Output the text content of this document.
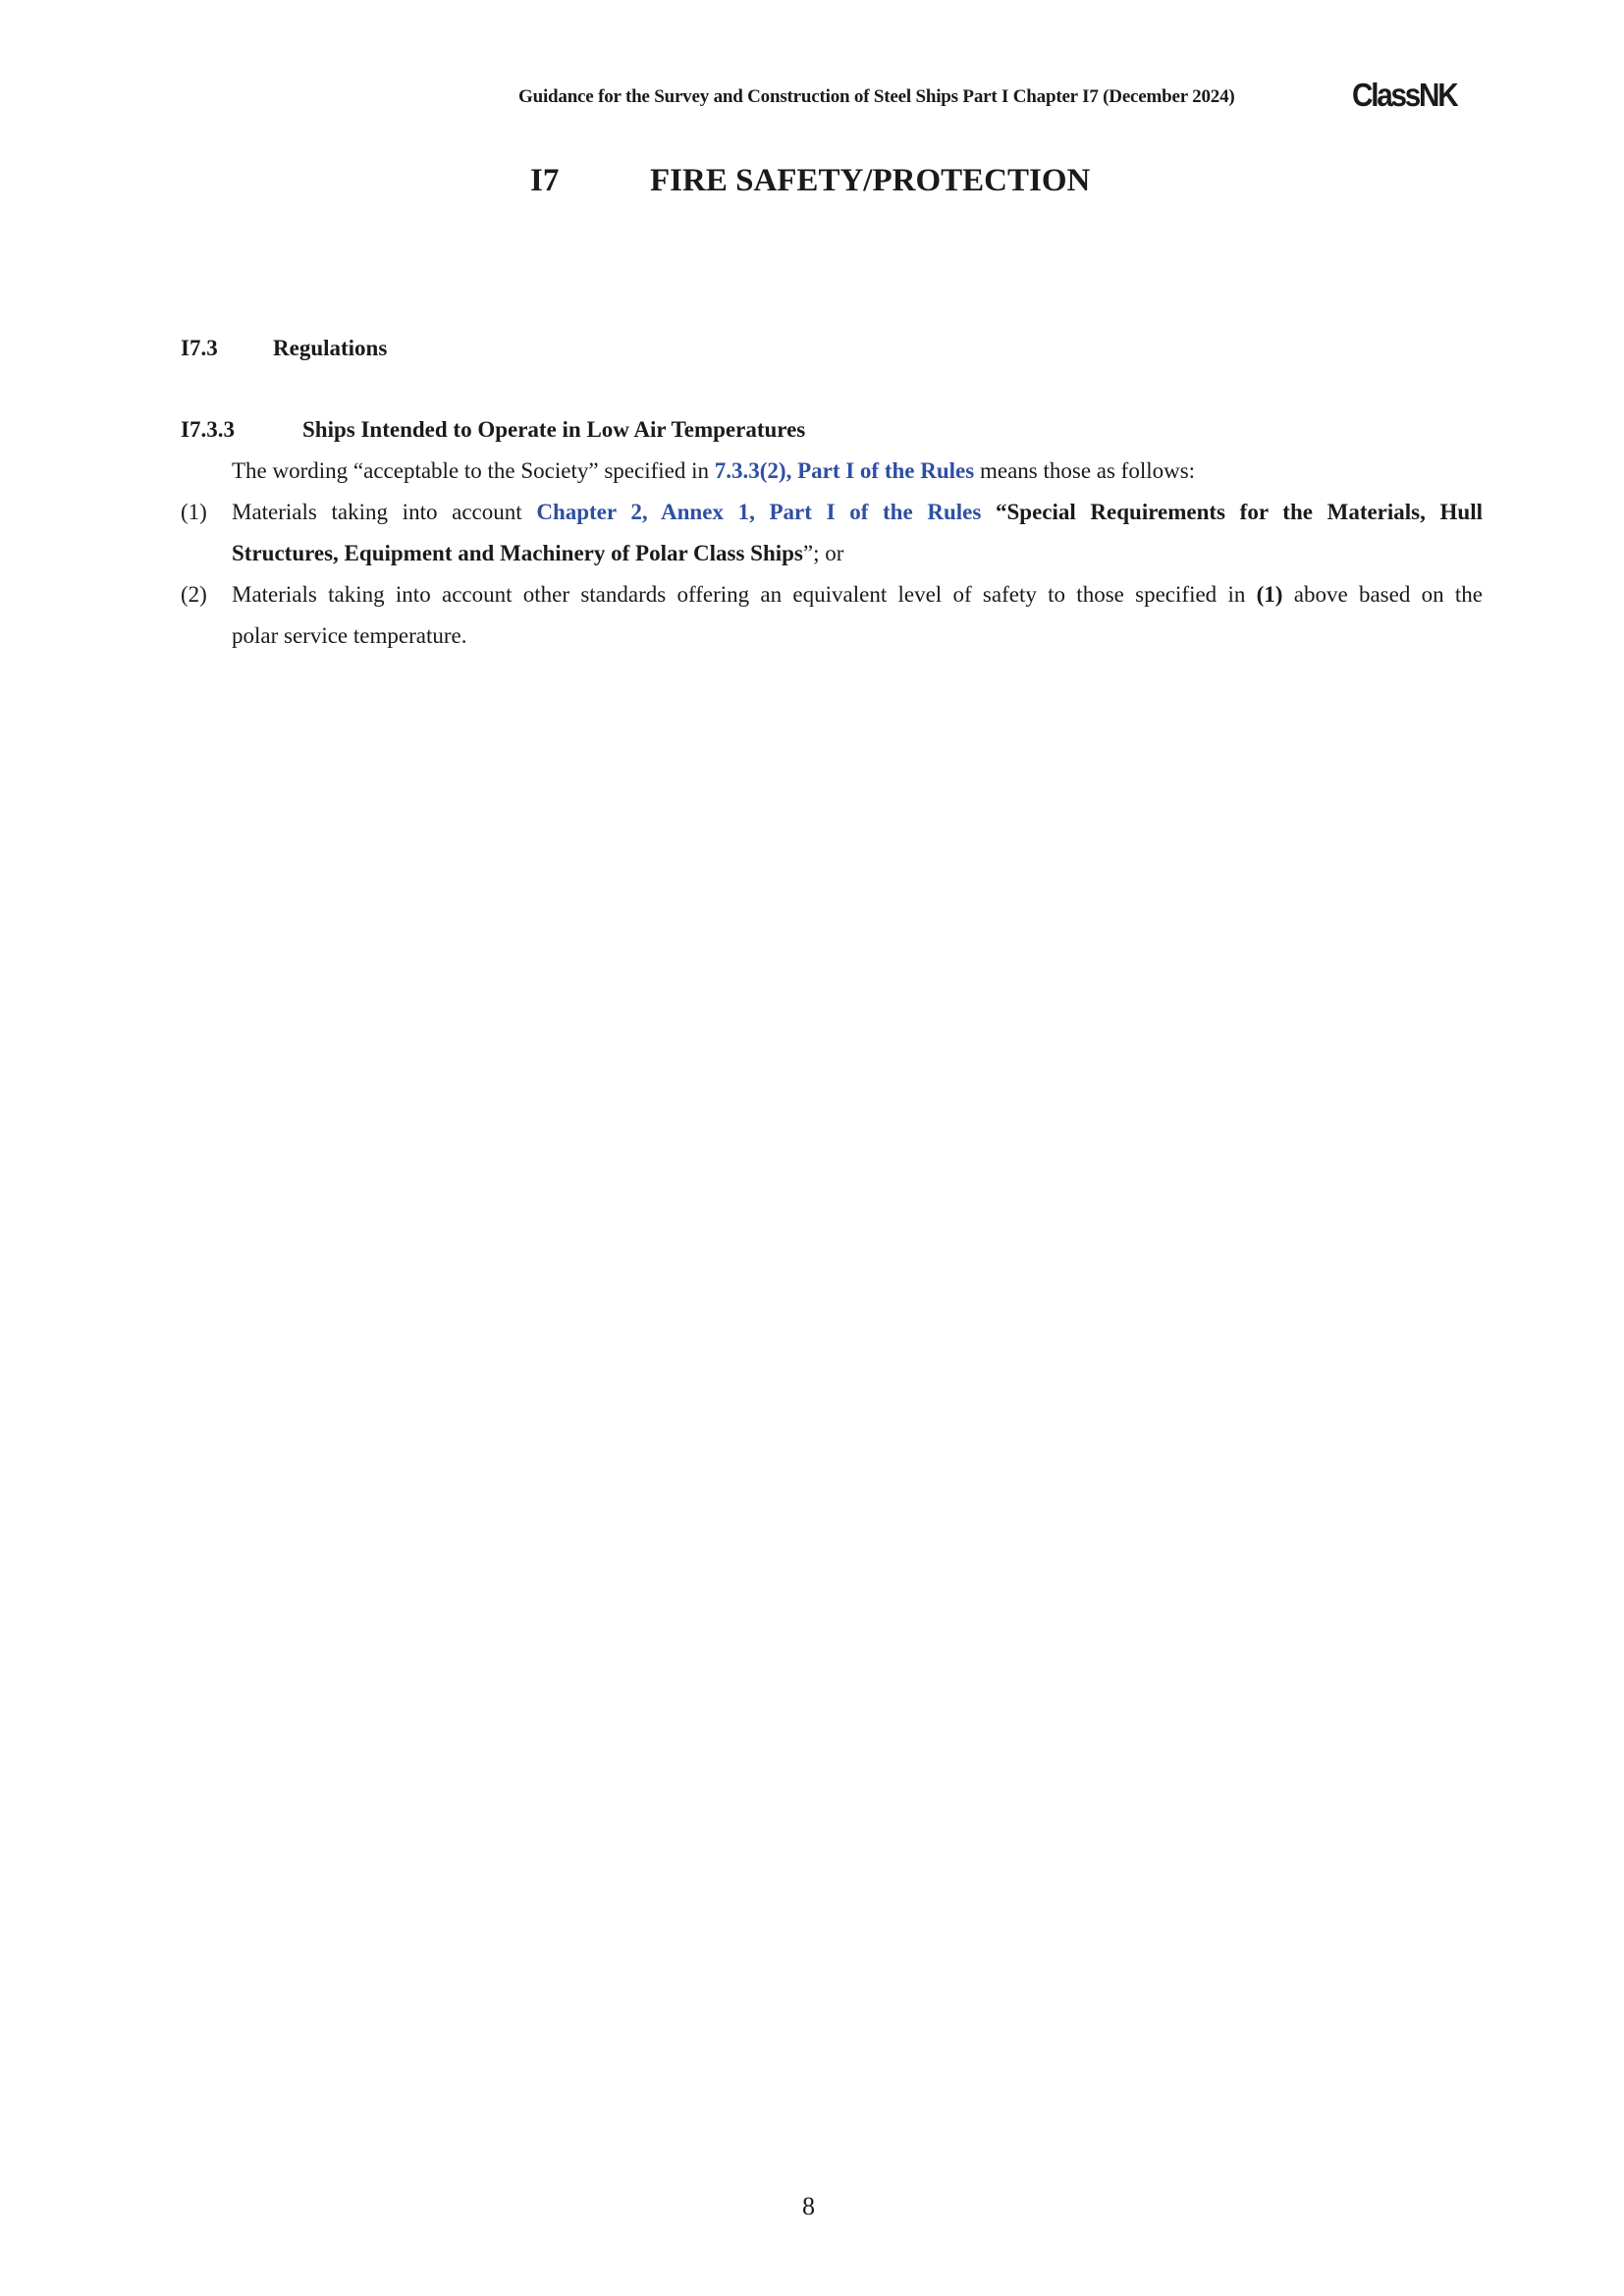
Guidance for the Survey and Construction of Steel Ships Part I Chapter I7 (December 2024)	ClassNK
I7	FIRE SAFETY/PROTECTION
I7.3 Regulations
I7.3.3	Ships Intended to Operate in Low Air Temperatures
The wording “acceptable to the Society” specified in 7.3.3(2), Part I of the Rules means those as follows:
(1) Materials taking into account Chapter 2, Annex 1, Part I of the Rules “Special Requirements for the Materials, Hull
Structures, Equipment and Machinery of Polar Class Ships”; or
(2) Materials taking into account other standards offering an equivalent level of safety to those specified in (1) above based on the
polar service temperature.
8
